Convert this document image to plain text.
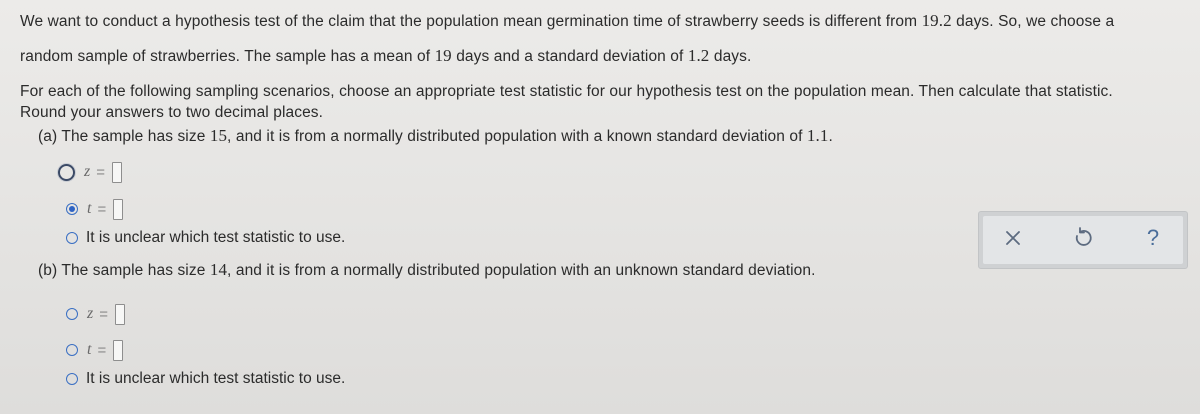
We want to conduct a hypothesis test of the claim that the population mean germination time of strawberry seeds is different from 19.2 days. So, we choose a
random sample of strawberries. The sample has a mean of 19 days and a standard deviation of 1.2 days.
For each of the following sampling scenarios, choose an appropriate test statistic for our hypothesis test on the population mean. Then calculate that statistic.
Round your answers to two decimal places.
(a) The sample has size 15, and it is from a normally distributed population with a known standard deviation of 1.1.
z =
t =
It is unclear which test statistic to use.
(b) The sample has size 14, and it is from a normally distributed population with an unknown standard deviation.
z =
t =
It is unclear which test statistic to use.
?
